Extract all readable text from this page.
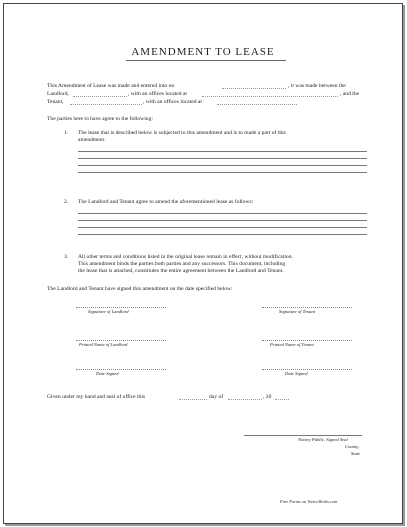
AMENDMENT TO LEASE
This Amendment of Lease was made and entered into on	, it was made between the
Landlord,	, with an offices located at	, and the
Tenant,	, with an offices located at
The parties here to have agree to the following:
1. The lease that is described below is subjected to this amendment and is to made a part of this
amendment.
2. The Landlord and Tenant agree to amend the aforementioned lease as follows:
3. All other terms and conditions listed in the original lease remain in effect, without modification.
This amendment binds the parties both parties and any successors. This document, including
the lease that is attached, constitutes the entire agreement between the Landlord and Tenant.
The Landlord and Tenant have signed this amendment on the date specified below:
Signature of Landlord	Signature of Tenant
Printed Name of Landlord	Printed Name of Tenant
Date Signed	Date Signed
Given under my hand and seal of office this	day of	, 20
Notary Public, Signed Seal
County,
State
Free Forms on VertexWorks.com
